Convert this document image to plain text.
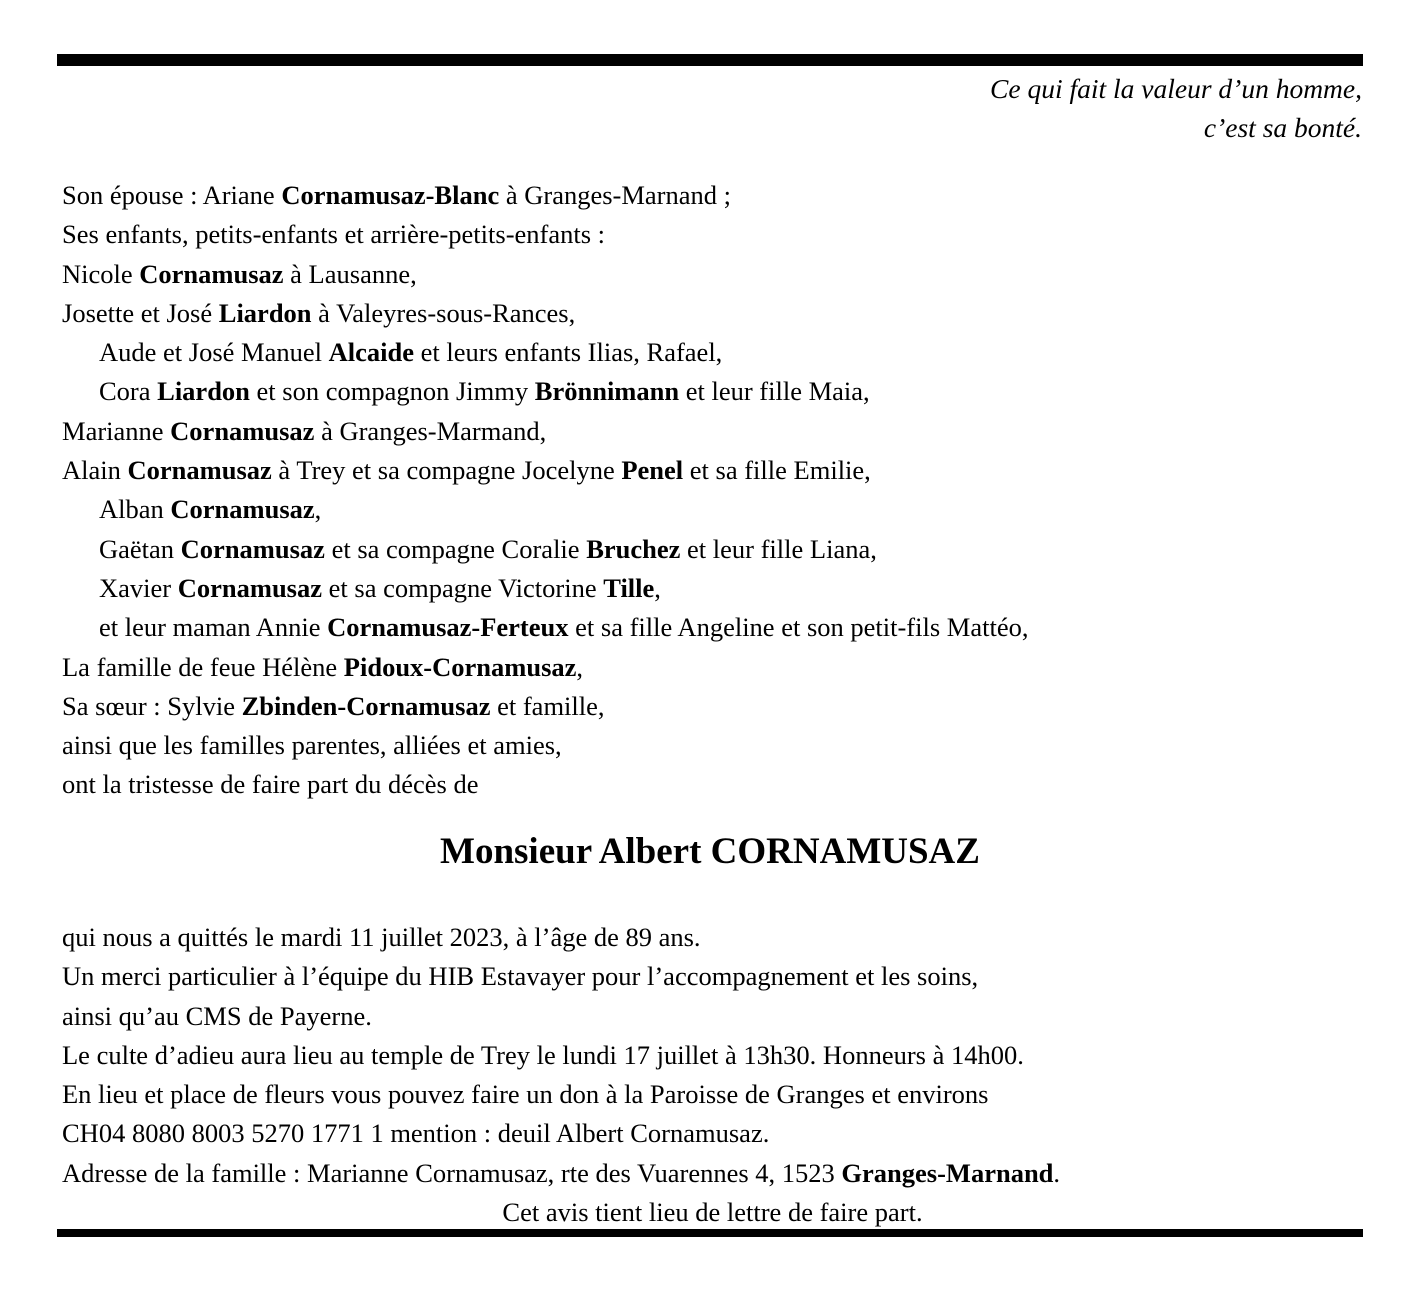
Ce qui fait la valeur d’un homme,

c’est sa bonté.

Son épouse : Ariane Cornamusaz-Blanc à Granges-Marnand ;

Ses enfants, petits-enfants et arrière-petits-enfants :

Nicole Cornamusaz à Lausanne,

Josette et José Liardon à Valeyres-sous-Rances,

Aude et José Manuel Alcaide et leurs enfants Ilias, Rafael,

Cora Liardon et son compagnon Jimmy Brönnimann et leur fille Maia,

Marianne Cornamusaz à Granges-Marmand,

Alain Cornamusaz à Trey et sa compagne Jocelyne Penel et sa fille Emilie,

Alban Cornamusaz,

Gaëtan Cornamusaz et sa compagne Coralie Bruchez et leur fille Liana,

Xavier Cornamusaz et sa compagne Victorine Tille,

et leur maman Annie Cornamusaz-Ferteux et sa fille Angeline et son petit-fils Mattéo,

La famille de feue Hélène Pidoux-Cornamusaz,

Sa sœur : Sylvie Zbinden-Cornamusaz et famille,

ainsi que les familles parentes, alliées et amies,

ont la tristesse de faire part du décès de

Monsieur Albert CORNAMUSAZ

qui nous a quittés le mardi 11 juillet 2023, à l’âge de 89 ans.

Un merci particulier à l’équipe du HIB Estavayer pour l’accompagnement et les soins,

ainsi qu’au CMS de Payerne.

Le culte d’adieu aura lieu au temple de Trey le lundi 17 juillet à 13h30. Honneurs à 14h00.

En lieu et place de fleurs vous pouvez faire un don à la Paroisse de Granges et environs

CH04 8080 8003 5270 1771 1 mention : deuil Albert Cornamusaz.

Adresse de la famille : Marianne Cornamusaz, rte des Vuarennes 4, 1523 Granges-Marnand.

Cet avis tient lieu de lettre de faire part.
